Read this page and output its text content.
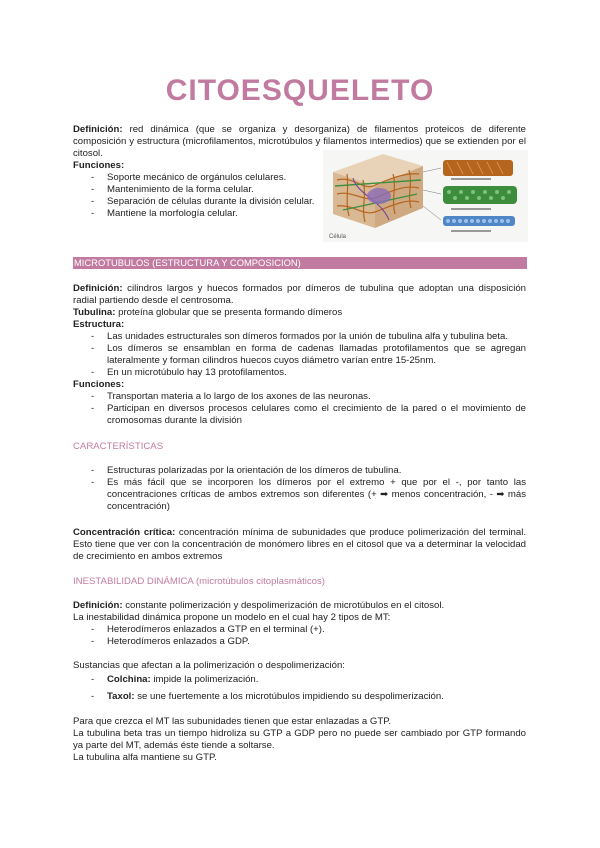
CITOESQUELETO
Definición: red dinámica (que se organiza y desorganiza) de filamentos proteicos de diferente composición y estructura (microfilamentos, microtúbulos y filamentos intermedios) que se extienden por el citosol.
Funciones:
- Soporte mecánico de orgánulos celulares.
- Mantenimiento de la forma celular.
- Separación de células durante la división celular.
- Mantiene la morfología celular.
Célula
MICROTUBULOS (ESTRUCTURA Y COMPOSICION)
Definición: cilindros largos y huecos formados por dímeros de tubulina que adoptan una disposición radial partiendo desde el centrosoma.
Tubulina: proteína globular que se presenta formando dímeros
Estructura:
- Las unidades estructurales son dímeros formados por la unión de tubulina alfa y tubulina beta.
- Los dímeros se ensamblan en forma de cadenas llamadas protofilamentos que se agregan lateralmente y forman cilindros huecos cuyos diámetro varían entre 15-25nm.
- En un microtúbulo hay 13 protofilamentos.
Funciones:
- Transportan materia a lo largo de los axones de las neuronas.
- Participan en diversos procesos celulares como el crecimiento de la pared o el movimiento de cromosomas durante la división
CARACTERÍSTICAS
- Estructuras polarizadas por la orientación de los dímeros de tubulina.
- Es más fácil que se incorporen los dímeros por el extremo + que por el -, por tanto las concentraciones críticas de ambos extremos son diferentes (+ ➡ menos concentración, - ➡ más concentración)
Concentración crítica: concentración mínima de subunidades que produce polimerización del terminal. Esto tiene que ver con la concentración de monómero libres en el citosol que va a determinar la velocidad de crecimiento en ambos extremos
INESTABILIDAD DINÁMICA (microtúbulos citoplasmáticos)
Definición: constante polimerización y despolimerización de microtúbulos en el citosol.
La inestabilidad dinámica propone un modelo en el cual hay 2 tipos de MT:
- Heterodímeros enlazados a GTP en el terminal (+).
- Heterodímeros enlazados a GDP.
Sustancias que afectan a la polimerización o despolimerización:
- Colchina: impide la polimerización.
- Taxol: se une fuertemente a los microtúbulos impidiendo su despolimerización.
Para que crezca el MT las subunidades tienen que estar enlazadas a GTP.
La tubulina beta tras un tiempo hidroliza su GTP a GDP pero no puede ser cambiado por GTP formando ya parte del MT, además éste tiende a soltarse.
La tubulina alfa mantiene su GTP.
